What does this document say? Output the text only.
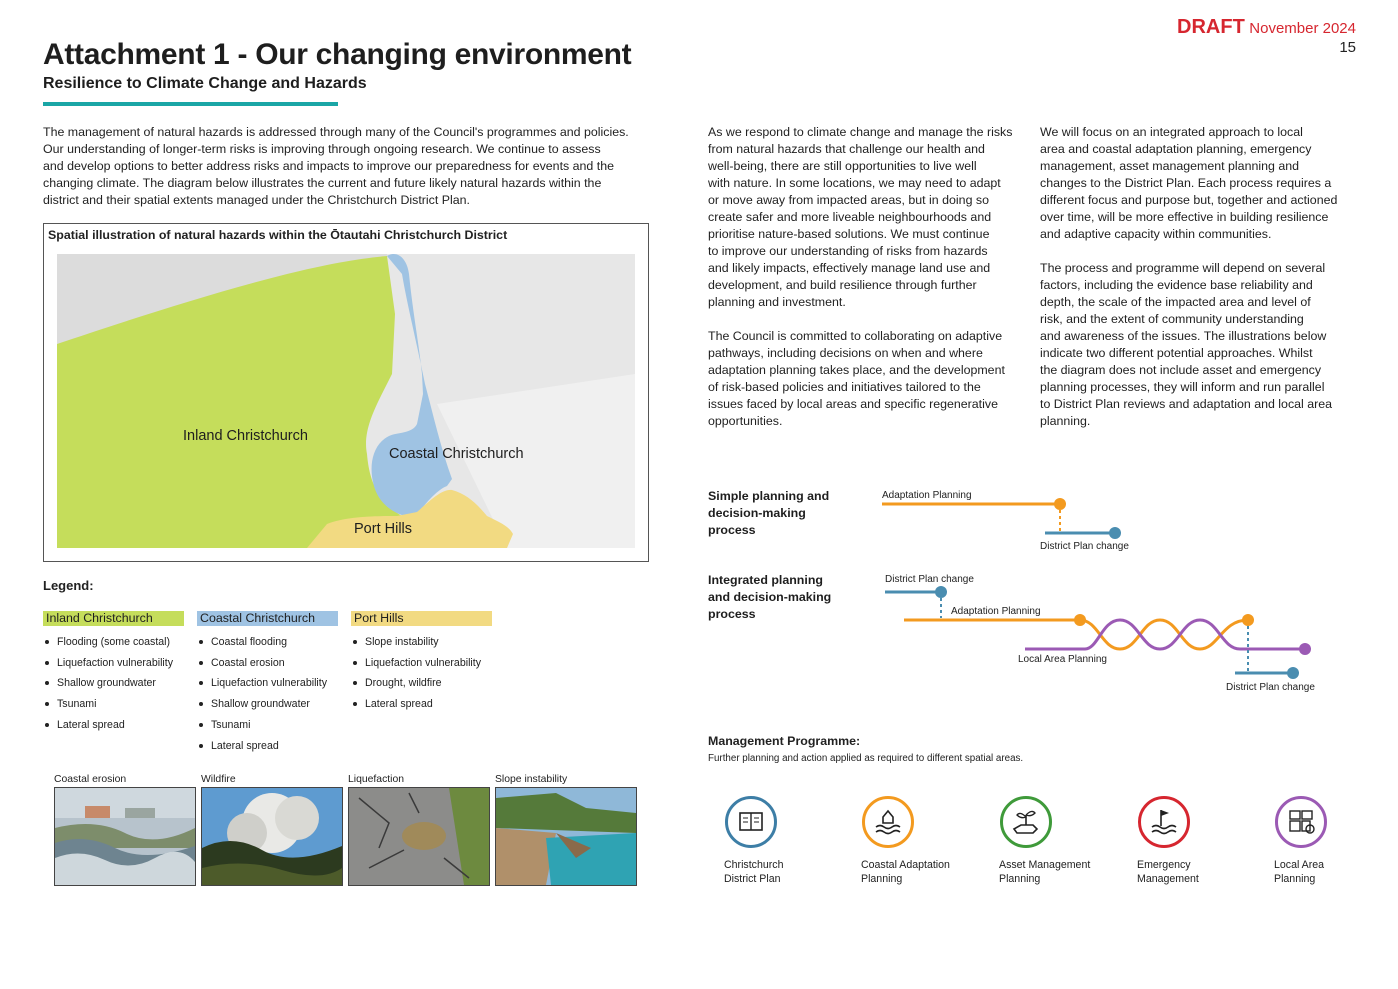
Attachment 1 - Our changing environment
Resilience to Climate Change and Hazards
DRAFT November 2024
15

The management of natural hazards is addressed through many of the Council's programmes and policies.
Our understanding of longer-term risks is improving through ongoing research. We continue to assess
and develop options to better address risks and impacts to improve our preparedness for events and the
changing climate. The diagram below illustrates the current and future likely natural hazards within the
district and their spatial extents managed under the Christchurch District Plan.

Spatial illustration of natural hazards within the Ōtautahi Christchurch District

Inland Christchurch
Coastal Christchurch
Port Hills

Legend:

Inland Christchurch
Flooding (some coastal)
Liquefaction vulnerability
Shallow groundwater
Tsunami
Lateral spread
Coastal Christchurch
Coastal flooding
Coastal erosion
Liquefaction vulnerability
Shallow groundwater
Tsunami
Lateral spread
Port Hills
Slope instability
Liquefaction vulnerability
Drought, wildfire
Lateral spread

Coastal erosion	Wildfire	Liquefaction	Slope instability

As we respond to climate change and manage the risks
from natural hazards that challenge our health and
well-being, there are still opportunities to live well
with nature. In some locations, we may need to adapt
or move away from impacted areas, but in doing so
create safer and more liveable neighbourhoods and
prioritise nature-based solutions. We must continue
to improve our understanding of risks from hazards
and likely impacts, effectively manage land use and
development, and build resilience through further
planning and investment.

The Council is committed to collaborating on adaptive
pathways, including decisions on when and where
adaptation planning takes place, and the development
of risk-based policies and initiatives tailored to the
issues faced by local areas and specific regenerative
opportunities.

We will focus on an integrated approach to local
area and coastal adaptation planning, emergency
management, asset management planning and
changes to the District Plan. Each process requires a
different focus and purpose but, together and actioned
over time, will be more effective in building resilience
and adaptive capacity within communities.

The process and programme will depend on several
factors, including the evidence base reliability and
depth, the scale of the impacted area and level of
risk, and the extent of community understanding
and awareness of the issues. The illustrations below
indicate two different potential approaches. Whilst
the diagram does not include asset and emergency
planning processes, they will inform and run parallel
to District Plan reviews and adaptation and local area
planning.

Simple planning and
decision-making
process

Integrated planning
and decision-making
process

Adaptation Planning
District Plan change
District Plan change
Adaptation Planning
Local Area Planning
District Plan change

Management Programme:

Further planning and action applied as required to different spatial areas.

Christchurch
District Plan

Coastal Adaptation
Planning

Asset Management
Planning

Emergency
Management

Local Area
Planning
